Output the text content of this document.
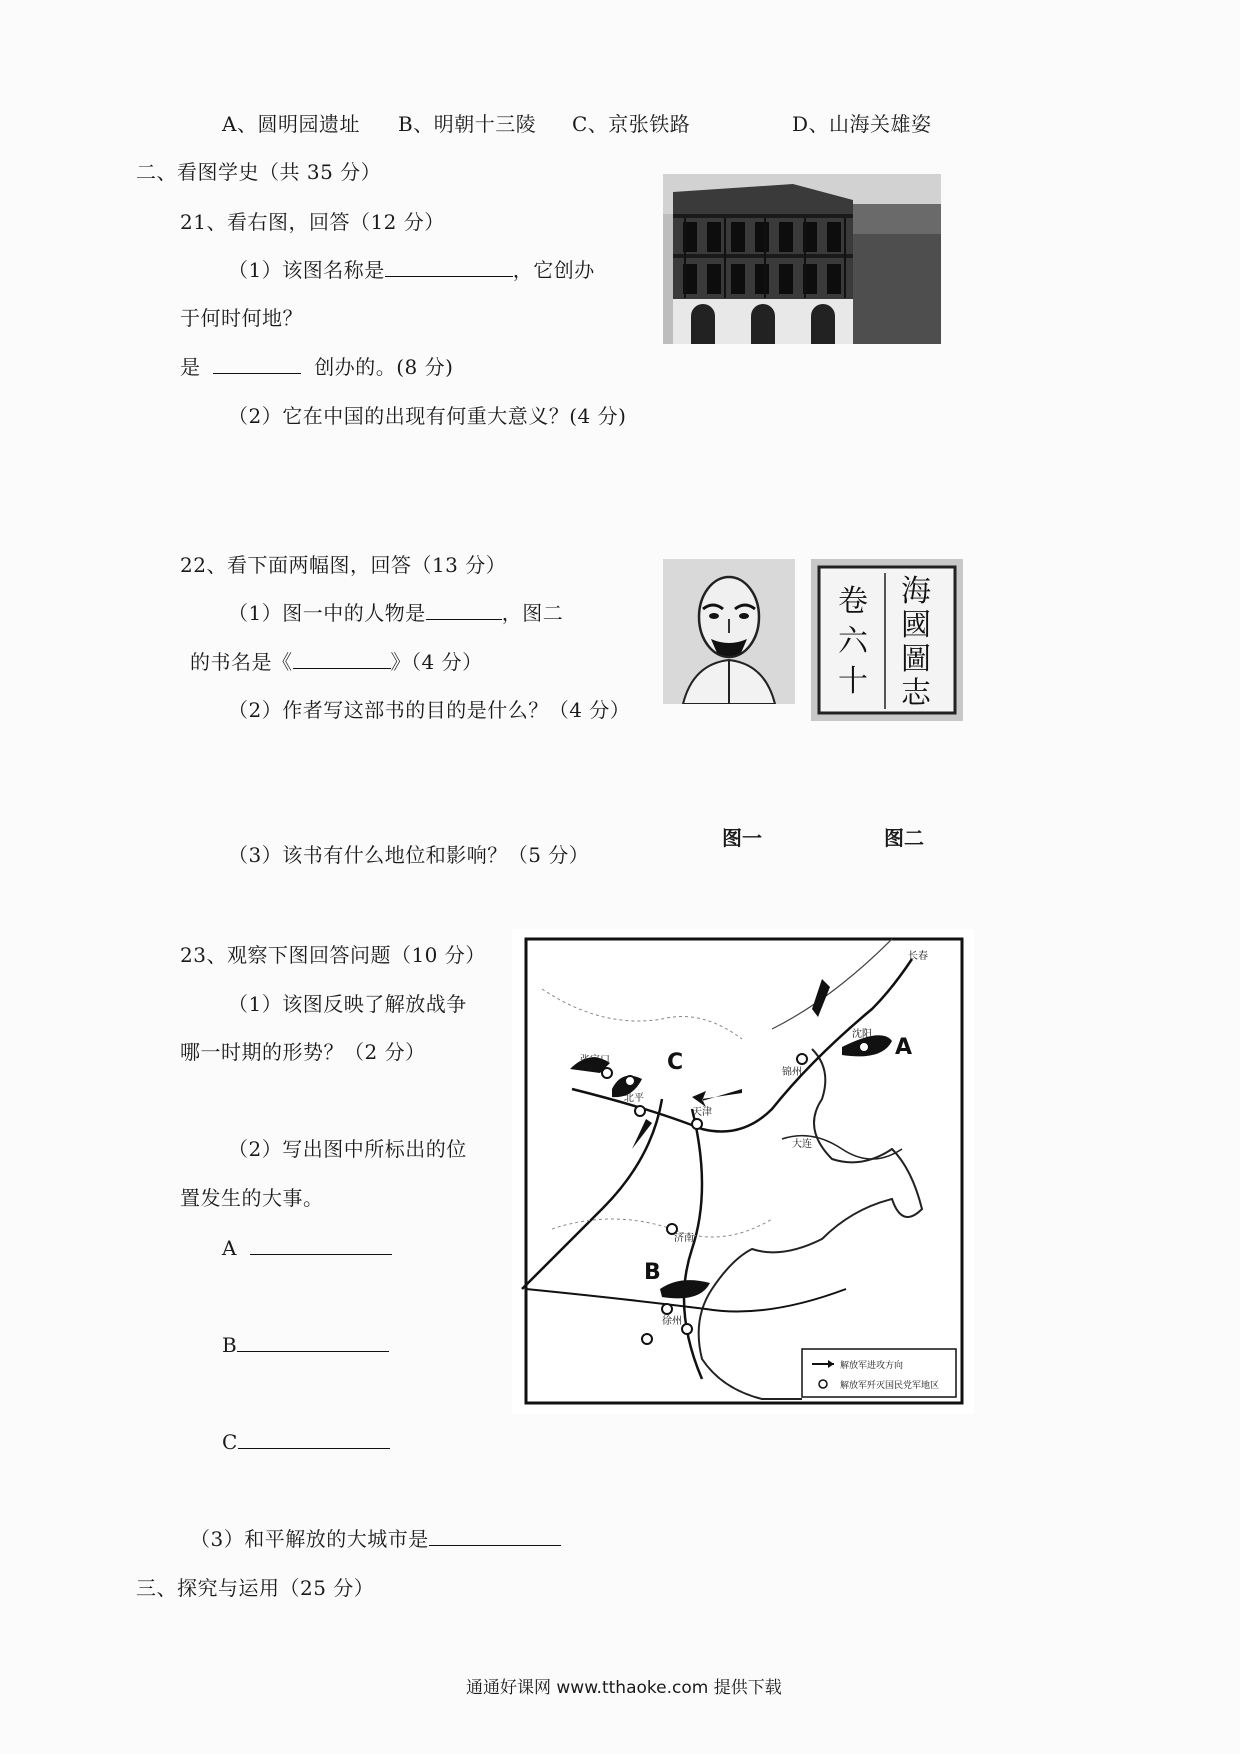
A、圆明园遗址 B、明朝十三陵 C、京张铁路	D、山海关雄姿
二、看图学史（共 35 分）
21、看右图，回答（12 分）
（1）该图名称是	，它创办
于何时何地？
是	创办的。(8 分)
（2）它在中国的出现有何重大意义？(4 分)
22、看下面两幅图，回答（13 分）
（1）图一中的人物是	，图二
的书名是《	》（4 分）
（2）作者写这部书的目的是什么？（4 分）
（3）该书有什么地位和影响？（5 分）
海
國
圖
志
卷
六
十
图一	图二
23、观察下图回答问题（10 分）
（1）该图反映了解放战争
哪一时期的形势？（2 分）
（2）写出图中所标出的位
置发生的大事。
A
B
C
（3）和平解放的大城市是
A
B
C
张家口
北平
天津
锦州
沈阳
长春
济南
徐州
大连
解放军进攻方向
解放军歼灭国民党军地区
三、探究与运用（25 分）
通通好课网 www.tthaoke.com 提供下载
